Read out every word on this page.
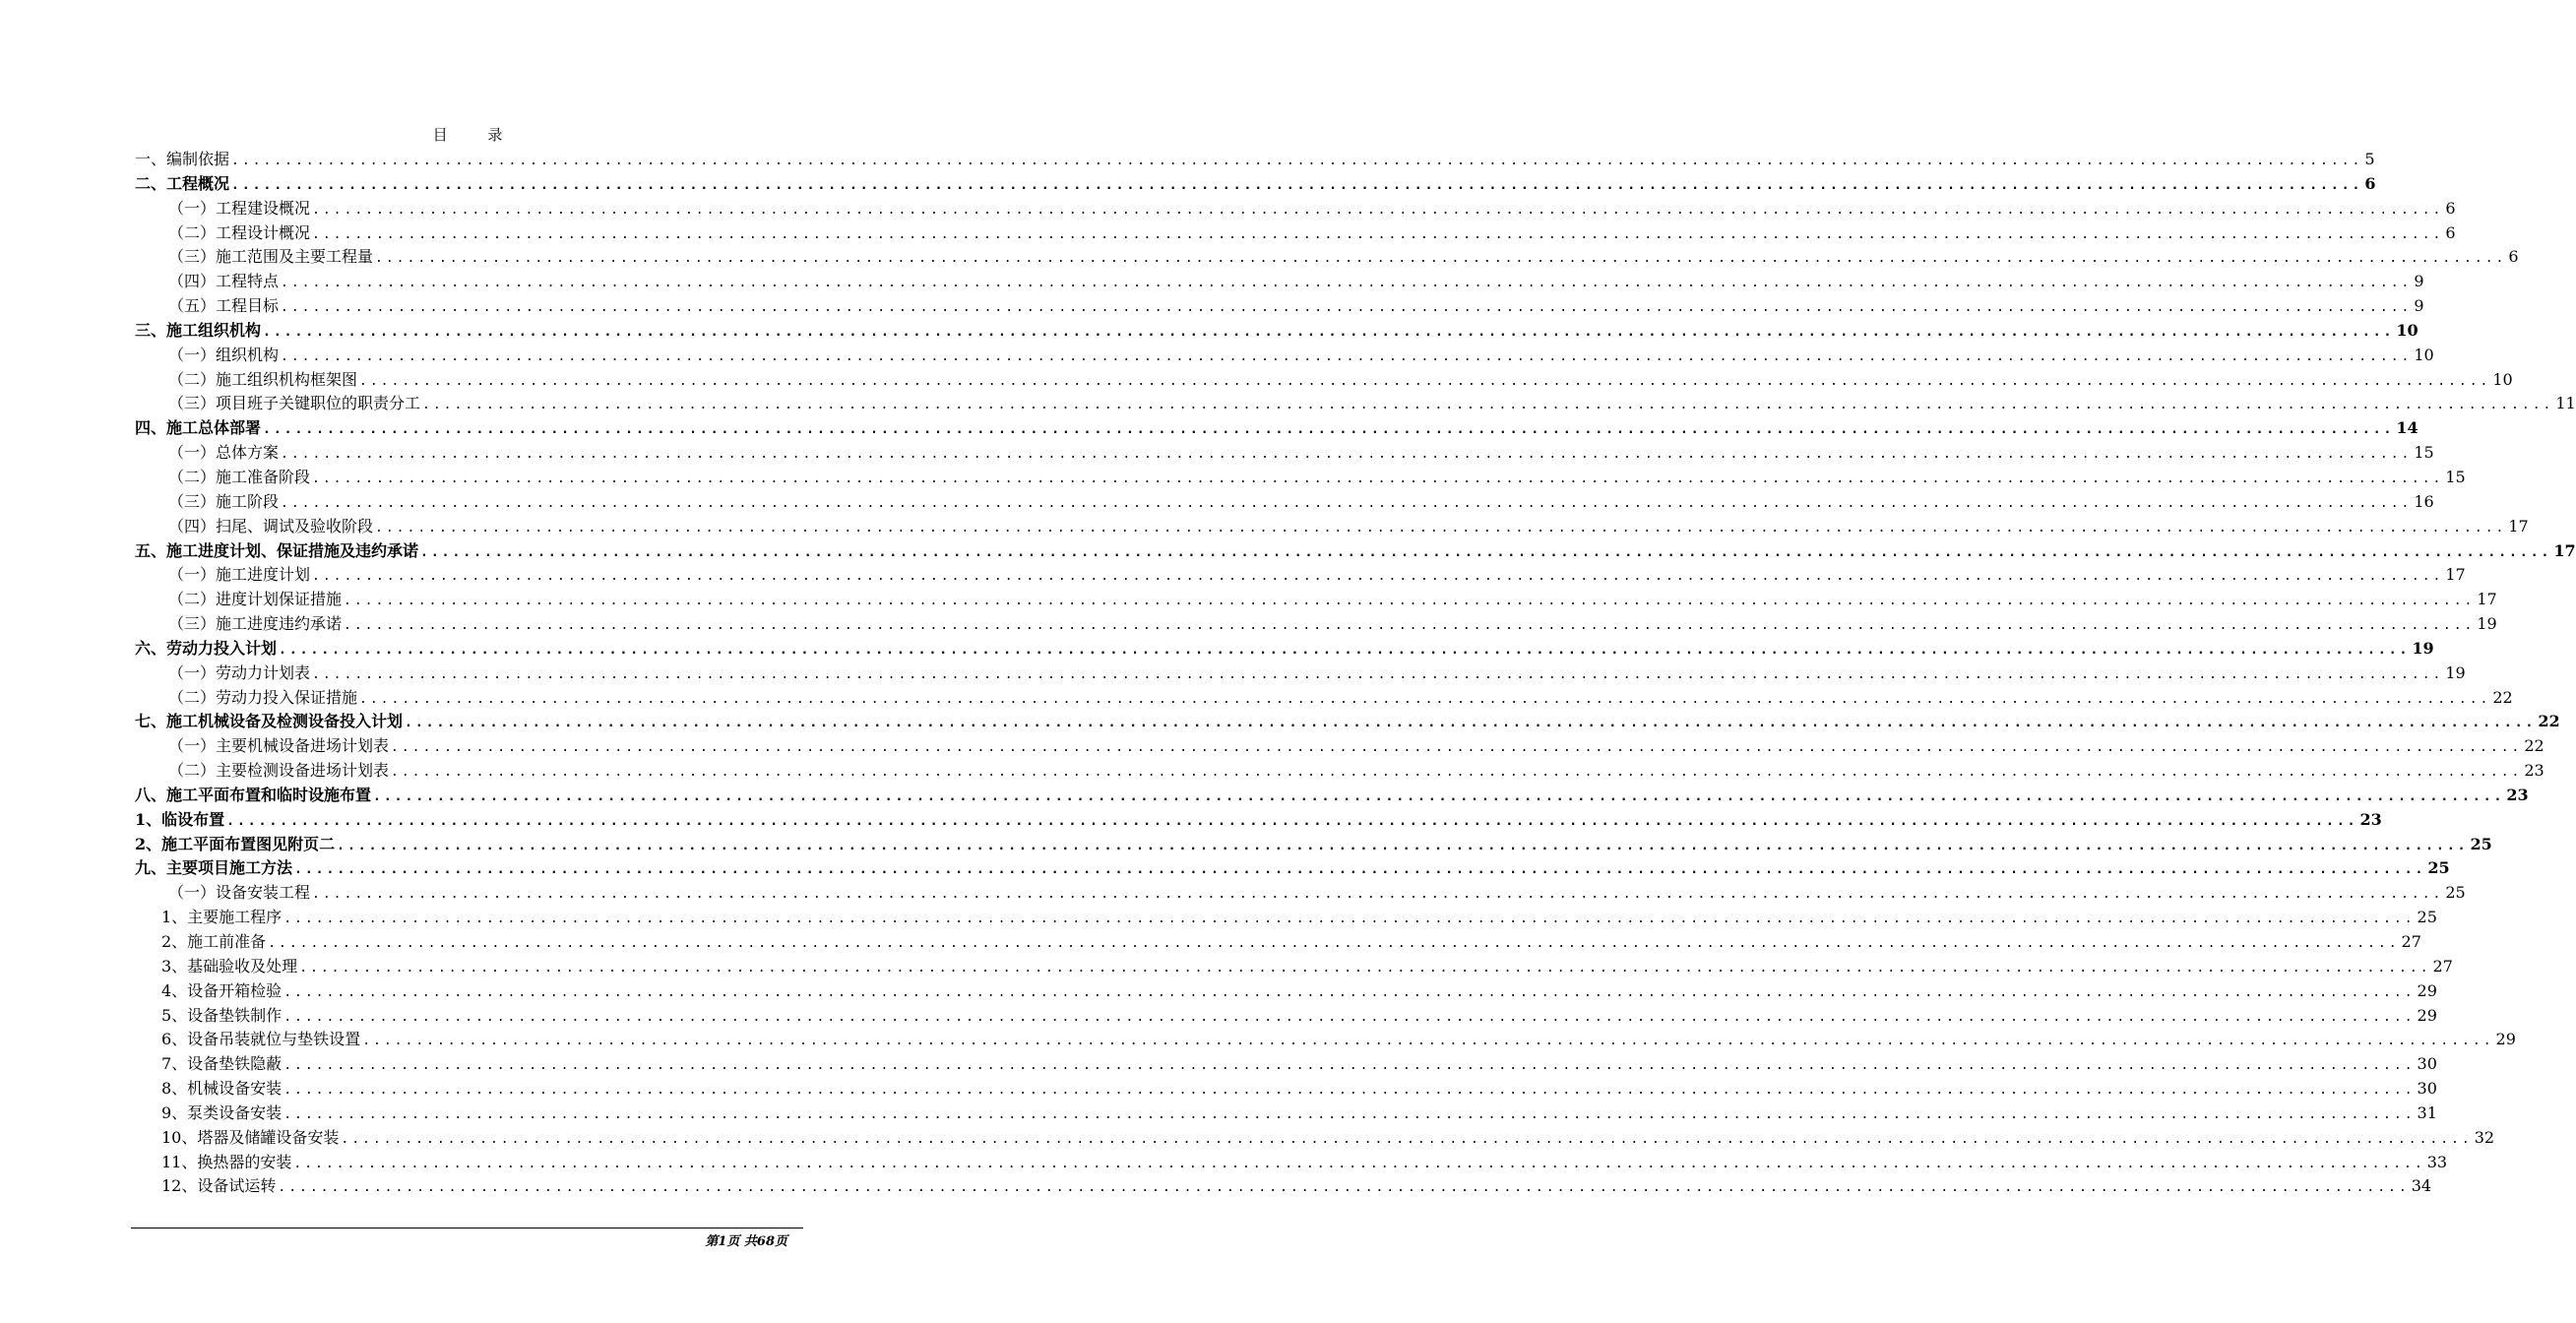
目 录
一、编制依据 ........................................................................................................................................................................................................ 5
二、工程概况 ........................................................................................................................................................................................................ 6
（一）工程建设概况 ........................................................................................................................................................................................................ 6
（二）工程设计概况 ........................................................................................................................................................................................................ 6
（三）施工范围及主要工程量 ........................................................................................................................................................................................................ 6
（四）工程特点 ........................................................................................................................................................................................................ 9
（五）工程目标 ........................................................................................................................................................................................................ 9
三、施工组织机构 ........................................................................................................................................................................................................ 10
（一）组织机构 ........................................................................................................................................................................................................ 10
（二）施工组织机构框架图 ........................................................................................................................................................................................................ 10
（三）项目班子关键职位的职责分工 ........................................................................................................................................................................................................ 11
四、施工总体部署 ........................................................................................................................................................................................................ 14
（一）总体方案 ........................................................................................................................................................................................................ 15
（二）施工准备阶段 ........................................................................................................................................................................................................ 15
（三）施工阶段 ........................................................................................................................................................................................................ 16
（四）扫尾、调试及验收阶段 ........................................................................................................................................................................................................ 17
五、施工进度计划、保证措施及违约承诺 ........................................................................................................................................................................................................ 17
（一）施工进度计划 ........................................................................................................................................................................................................ 17
（二）进度计划保证措施 ........................................................................................................................................................................................................ 17
（三）施工进度违约承诺 ........................................................................................................................................................................................................ 19
六、劳动力投入计划 ........................................................................................................................................................................................................ 19
（一）劳动力计划表 ........................................................................................................................................................................................................ 19
（二）劳动力投入保证措施 ........................................................................................................................................................................................................ 22
七、施工机械设备及检测设备投入计划 ........................................................................................................................................................................................................ 22
（一）主要机械设备进场计划表 ........................................................................................................................................................................................................ 22
（二）主要检测设备进场计划表 ........................................................................................................................................................................................................ 23
八、施工平面布置和临时设施布置 ........................................................................................................................................................................................................ 23
1、临设布置 ........................................................................................................................................................................................................ 23
2、施工平面布置图见附页二 ........................................................................................................................................................................................................ 25
九、主要项目施工方法 ........................................................................................................................................................................................................ 25
（一）设备安装工程 ........................................................................................................................................................................................................ 25
1、主要施工程序 ........................................................................................................................................................................................................ 25
2、施工前准备 ........................................................................................................................................................................................................ 27
3、基础验收及处理 ........................................................................................................................................................................................................ 27
4、设备开箱检验 ........................................................................................................................................................................................................ 29
5、设备垫铁制作 ........................................................................................................................................................................................................ 29
6、设备吊装就位与垫铁设置 ........................................................................................................................................................................................................ 29
7、设备垫铁隐蔽 ........................................................................................................................................................................................................ 30
8、机械设备安装 ........................................................................................................................................................................................................ 30
9、泵类设备安装 ........................................................................................................................................................................................................ 31
10、塔器及储罐设备安装 ........................................................................................................................................................................................................ 32
11、换热器的安装 ........................................................................................................................................................................................................ 33
12、设备试运转 ........................................................................................................................................................................................................ 34
第1页 共68页
